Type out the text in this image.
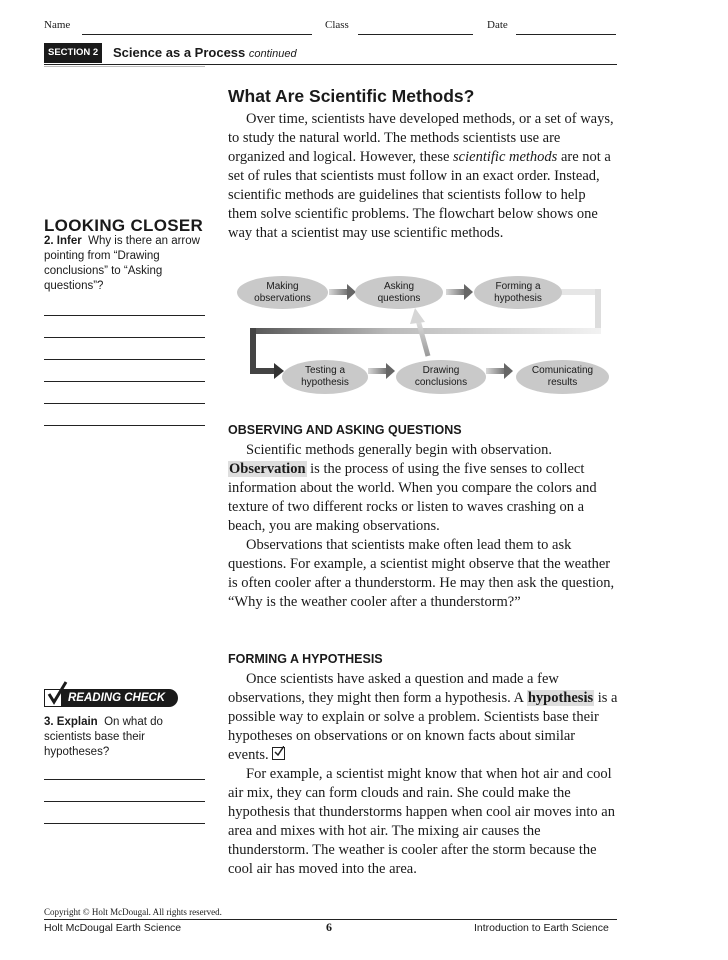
Name	Class	Date
SECTION 2	Science as a Process continued
What Are Scientific Methods?

Over time, scientists have developed methods, or a set of ways, to study the natural world. The methods scientists use are organized and logical. However, these scientific methods are not a set of rules that scientists must follow in an exact order. Instead, scientific methods are guidelines that scientists follow to help them solve scientific problems. The flowchart below shows one way that a scientist may use scientific methods.

LOOKING CLOSER
2. Infer Why is there an arrow pointing from “Drawing conclusions” to “Asking questions”?	Making
observations
Asking
questions
Forming a
hypothesis
Testing a
hypothesis
Drawing
conclusions
Comunicating
results
OBSERVING AND ASKING QUESTIONS

Scientific methods generally begin with observation. Observation is the process of using the five senses to collect information about the world. When you compare the colors and texture of two different rocks or listen to waves crashing on a beach, you are making observations.

Observations that scientists make often lead them to ask questions. For example, a scientist might observe that the weather is often cooler after a thunderstorm. He may then ask the question, “Why is the weather cooler after a thunderstorm?”

FORMING A HYPOTHESIS

Once scientists have asked a question and made a few observations, they might then form a hypothesis. A hypothesis is a possible way to explain or solve a problem. Scientists base their hypotheses on observations or on known facts about similar events.

For example, a scientist might know that when hot air and cool air mix, they can form clouds and rain. She could make the hypothesis that thunderstorms happen when cool air moves into an area and mixes with hot air. The mixing air causes the thunderstorm. The weather is cooler after the storm because the cool air has moved into the area.

READING CHECK
3. Explain On what do scientists base their hypotheses?
Copyright © Holt McDougal. All rights reserved.
Holt McDougal Earth Science	6	Introduction to Earth Science
